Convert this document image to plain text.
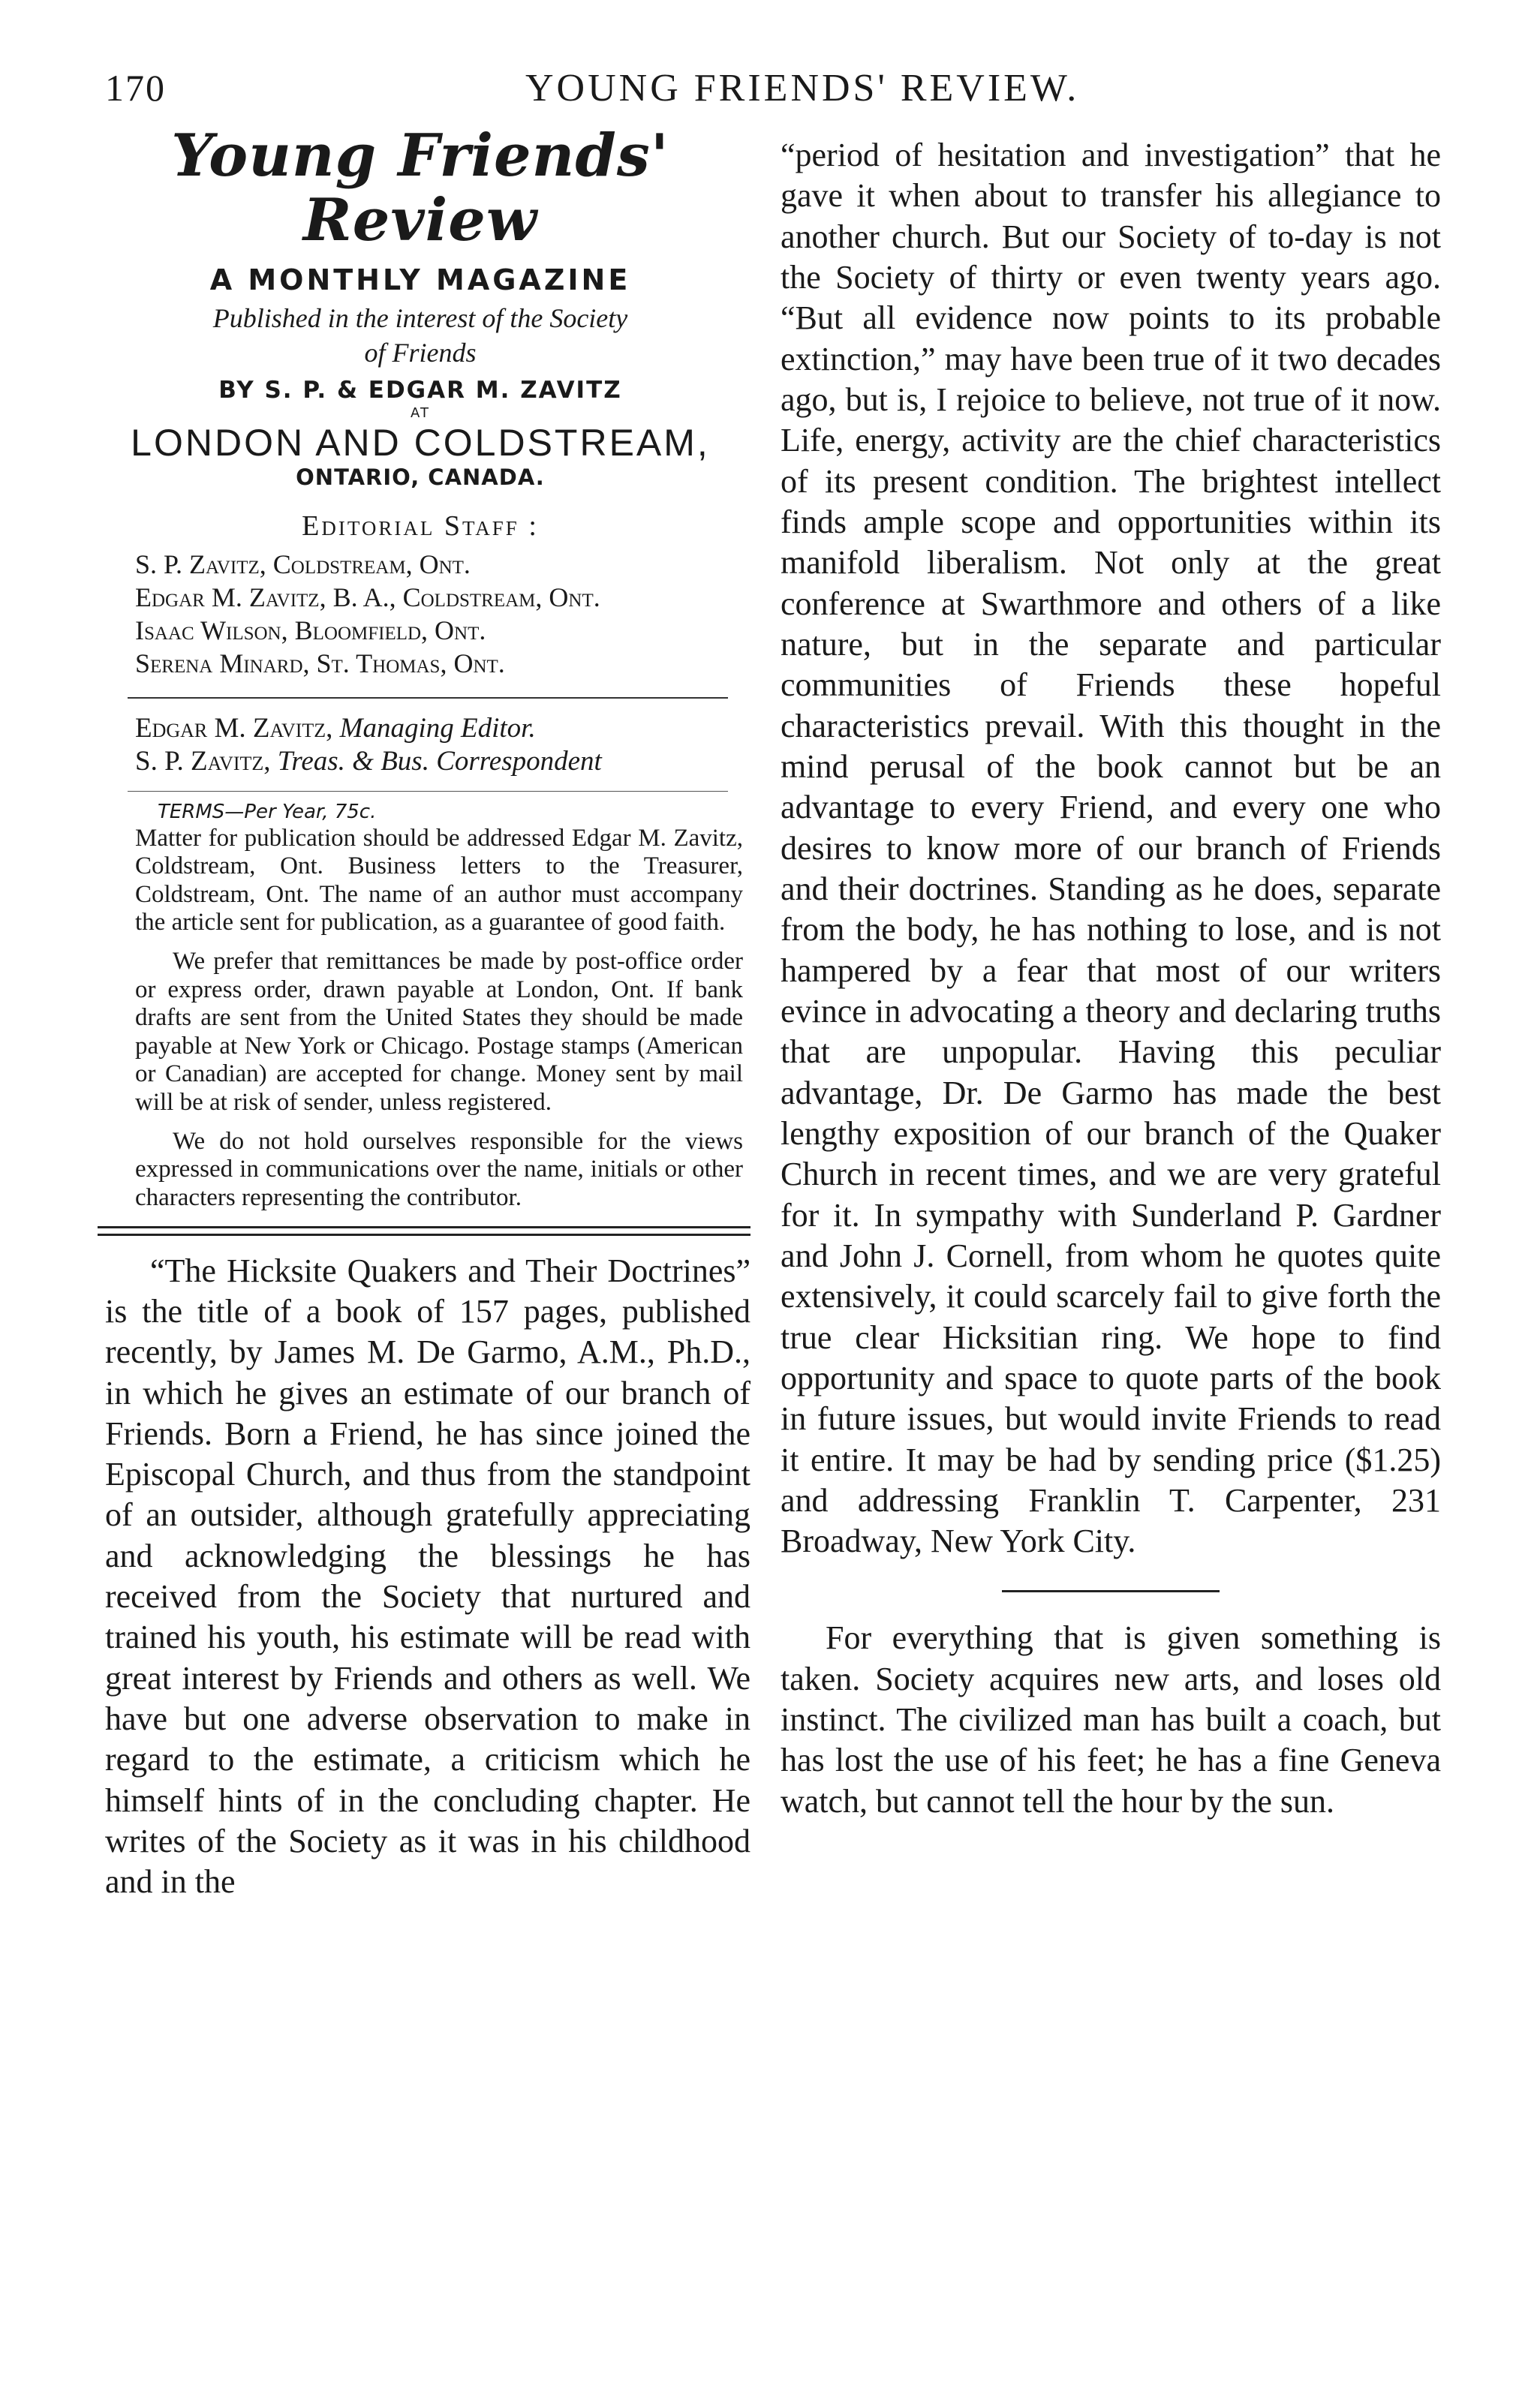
170	YOUNG FRIENDS' REVIEW.
Young Friends' Review
A MONTHLY MAGAZINE
Published in the interest of the Society
of Friends
BY S. P. & EDGAR M. ZAVITZ
AT
LONDON AND COLDSTREAM,
ONTARIO, CANADA.
Editorial Staff :
S. P. Zavitz, Coldstream, Ont.
Edgar M. Zavitz, B. A., Coldstream, Ont.
Isaac Wilson, Bloomfield, Ont.
Serena Minard, St. Thomas, Ont.
Edgar M. Zavitz, Managing Editor.
S. P. Zavitz, Treas. & Bus. Correspondent
TERMS—Per Year, 75c.

Matter for publication should be addressed Edgar M. Zavitz, Coldstream, Ont. Business letters to the Treasurer, Coldstream, Ont. The name of an author must accompany the article sent for publication, as a guarantee of good faith.

We prefer that remittances be made by post-office order or express order, drawn payable at London, Ont. If bank drafts are sent from the United States they should be made payable at New York or Chicago. Postage stamps (American or Canadian) are accepted for change. Money sent by mail will be at risk of sender, unless registered.

We do not hold ourselves responsible for the views expressed in communications over the name, initials or other characters representing the contributor.

“The Hicksite Quakers and Their Doctrines” is the title of a book of 157 pages, published recently, by James M. De Garmo, A.M., Ph.D., in which he gives an estimate of our branch of Friends. Born a Friend, he has since joined the Episcopal Church, and thus from the standpoint of an outsider, although gratefully appreciating and acknowledging the blessings he has received from the Society that nurtured and trained his youth, his estimate will be read with great interest by Friends and others as well. We have but one adverse observation to make in regard to the estimate, a criticism which he himself hints of in the concluding chapter. He writes of the Society as it was in his childhood and in the

“period of hesitation and investigation” that he gave it when about to transfer his allegiance to another church. But our Society of to-day is not the Society of thirty or even twenty years ago. “But all evidence now points to its probable extinction,” may have been true of it two decades ago, but is, I rejoice to believe, not true of it now. Life, energy, activity are the chief characteristics of its present condition. The brightest intellect finds ample scope and opportunities within its manifold liberalism. Not only at the great conference at Swarthmore and others of a like nature, but in the separate and particular communities of Friends these hopeful characteristics prevail. With this thought in the mind perusal of the book cannot but be an advantage to every Friend, and every one who desires to know more of our branch of Friends and their doctrines. Standing as he does, separate from the body, he has nothing to lose, and is not hampered by a fear that most of our writers evince in advocating a theory and declaring truths that are unpopular. Having this peculiar advantage, Dr. De Garmo has made the best lengthy exposition of our branch of the Quaker Church in recent times, and we are very grateful for it. In sympathy with Sunderland P. Gardner and John J. Cornell, from whom he quotes quite extensively, it could scarcely fail to give forth the true clear Hicksitian ring. We hope to find opportunity and space to quote parts of the book in future issues, but would invite Friends to read it entire. It may be had by sending price ($1.25) and addressing Franklin T. Carpenter, 231 Broadway, New York City.

For everything that is given something is taken. Society acquires new arts, and loses old instinct. The civilized man has built a coach, but has lost the use of his feet; he has a fine Geneva watch, but cannot tell the hour by the sun.
